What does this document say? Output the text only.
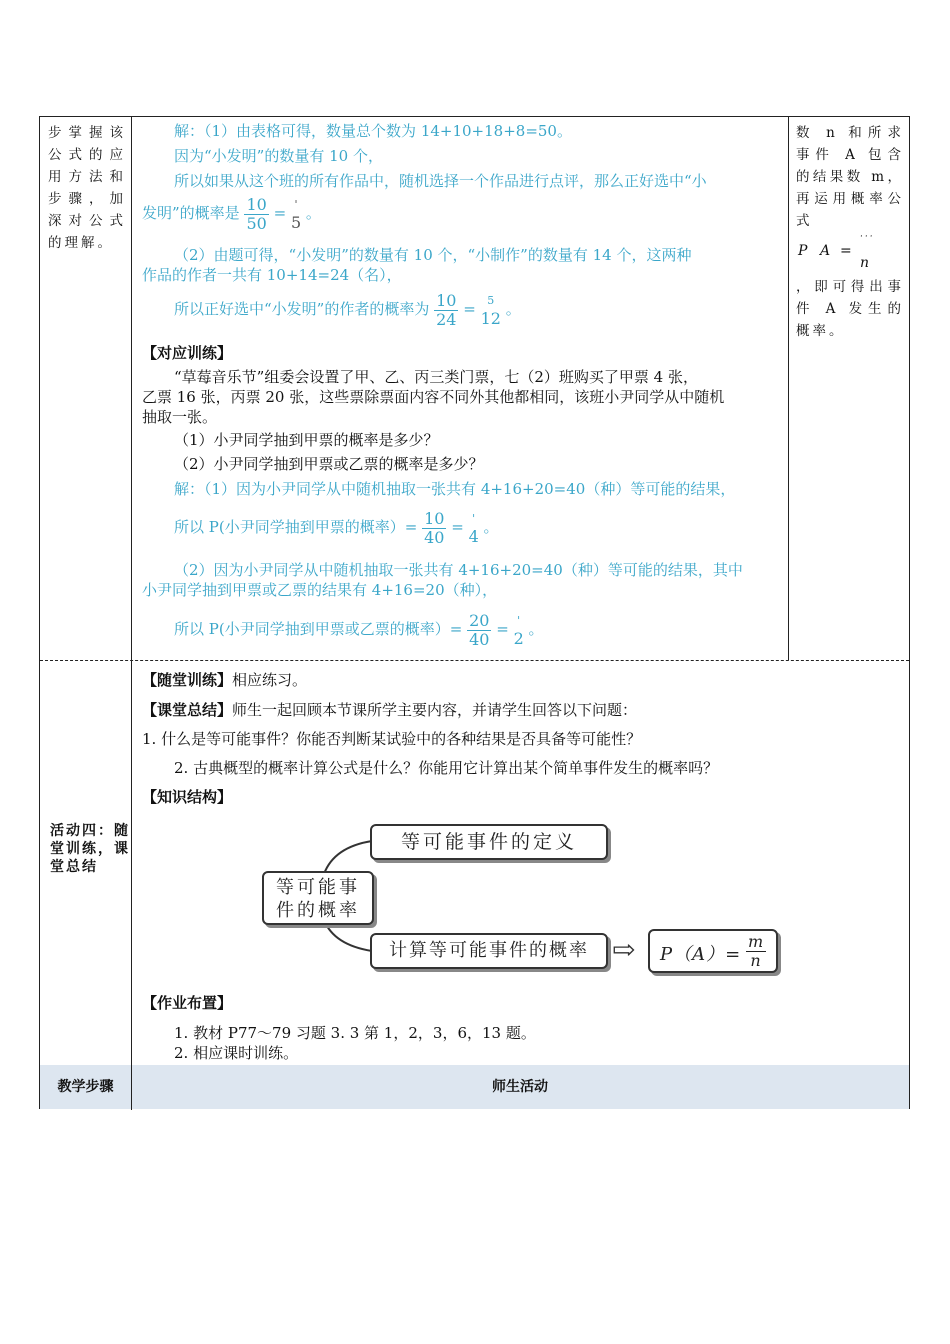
步掌握该公式的应用方法和步骤，加深对公式的理解。
数 n 和所求事件 A 包含的结果数 m，再运用概率公式
P A =
···
n
，即可得出事件 A 发生的概率。
解：（1）由表格可得，数量总个数为 14+10+18+8=50。
因为“小发明”的数量有 10 个，
所以如果从这个班的所有作品中，随机选择一个作品进行点评，那么正好选中“小
发明”的概率是 $\frac{10}{50}$ = '
5 。
（2）由题可得，“小发明”的数量有 10 个，“小制作”的数量有 14 个，这两种
作品的作者一共有 10+14=24（名），
所以正好选中“小发明”的作者的概率为 $\frac{10}{24}$ =	5
12 。
【对应训练】
“草莓音乐节”组委会设置了甲、乙、丙三类门票，七（2）班购买了甲票 4 张，
乙票 16 张，丙票 20 张，这些票除票面内容不同外其他都相同，该班小尹同学从中随机
抽取一张。
（1）小尹同学抽到甲票的概率是多少？
（2）小尹同学抽到甲票或乙票的概率是多少？
解：（1）因为小尹同学从中随机抽取一张共有 4+16+20=40（种）等可能的结果，
所以 P(小尹同学抽到甲票的概率）= $\frac{10}{40}$ = '
4 。
（2）因为小尹同学从中随机抽取一张共有 4+16+20=40（种）等可能的结果，其中
小尹同学抽到甲票或乙票的结果有 4+16=20（种），
所以 P(小尹同学抽到甲票或乙票的概率）= $\frac{20}{40}$ = '
2 。
活动四：随堂训练，课堂总结
【随堂训练】相应练习。
【课堂总结】师生一起回顾本节课所学主要内容，并请学生回答以下问题：
1. 什么是等可能事件？你能否判断某试验中的各种结果是否具备等可能性？
2. 古典概型的概率计算公式是什么？你能用它计算出某个简单事件发生的概率吗？
【知识结构】
等可能事
件的概率
等可能事件的定义
计算等可能事件的概率 ⇨ $P(A)= \frac{m}{n}$
【作业布置】
1. 教材 P77～79 习题 3. 3 第 1，2，3，6，13 题。
2. 相应课时训练。
教学步骤	师生活动
